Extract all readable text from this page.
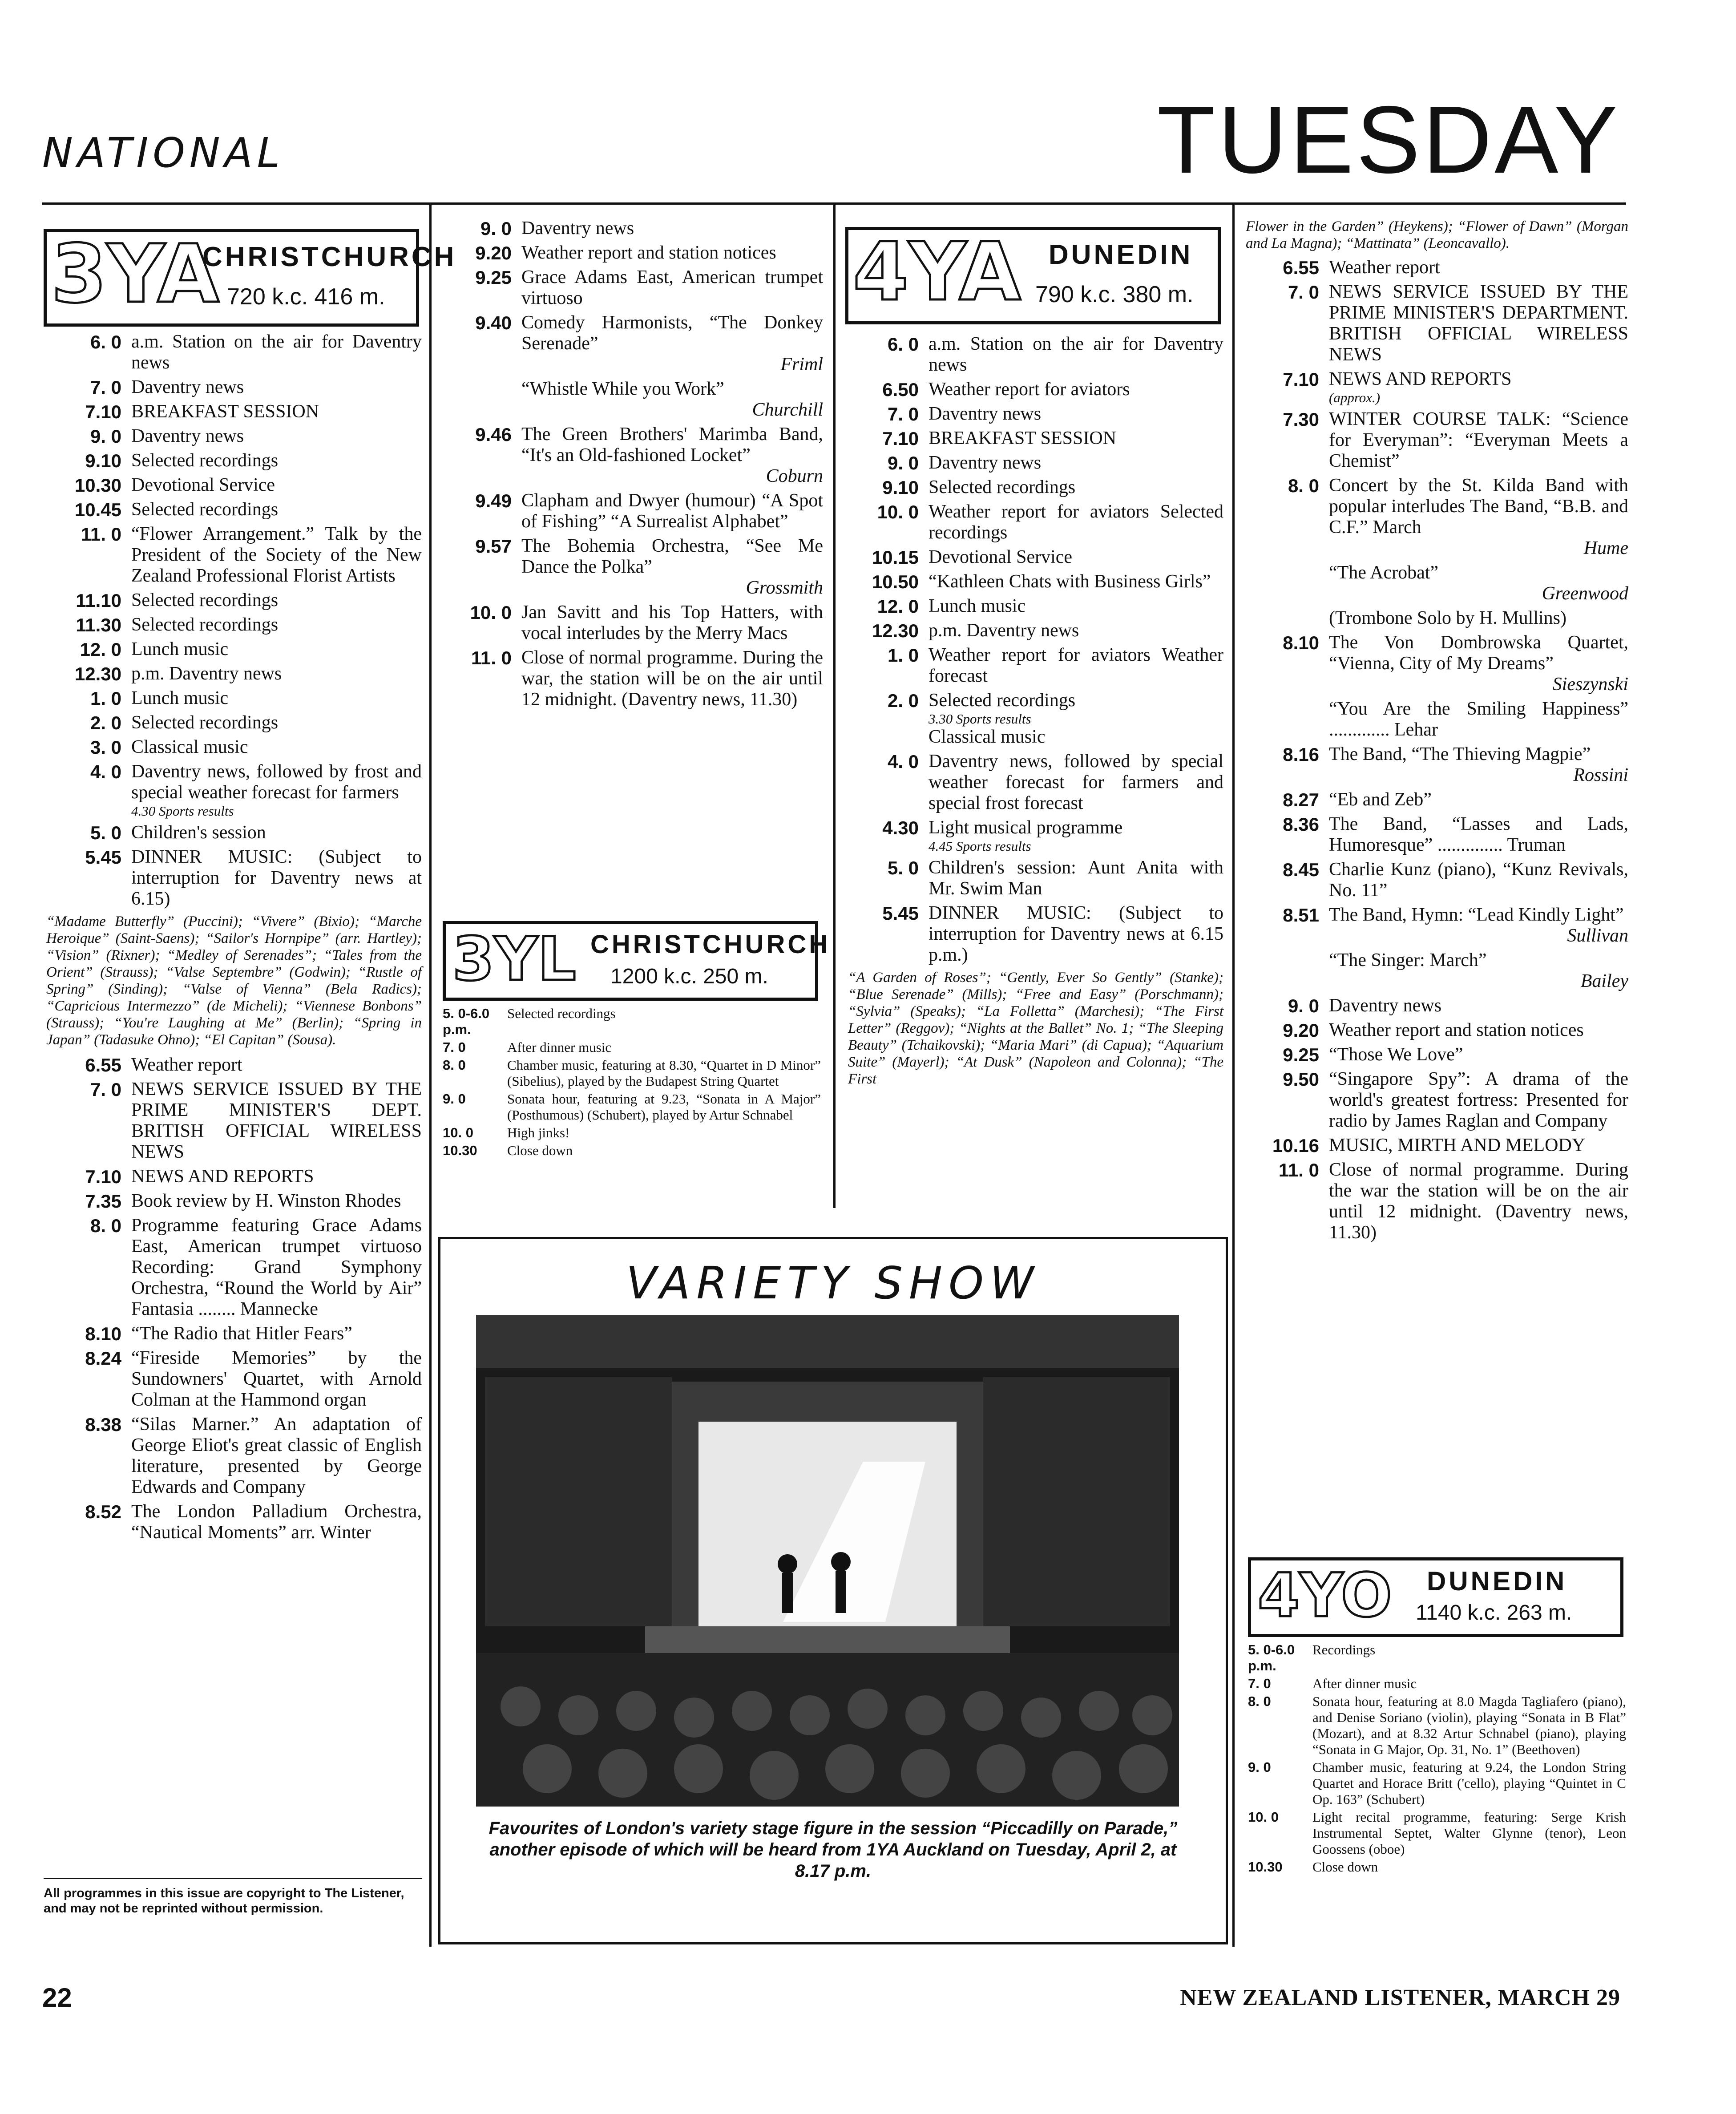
NATIONAL	TUESDAY
3YA
CHRISTCHURCH
720 k.c. 416 m.
6. 0 a.m. Station on the air for Daventry news
7. 0 Daventry news
7.10 BREAKFAST SESSION
9. 0 Daventry news
9.10 Selected recordings
10.30 Devotional Service
10.45 Selected recordings
11. 0 “Flower Arrangement.” Talk by the President of the Society of the New Zealand Professional Florist Artists
11.10 Selected recordings
11.30 Selected recordings
12. 0 Lunch music
12.30 p.m. Daventry news
1. 0 Lunch music
2. 0 Selected recordings
3. 0 Classical music
4. 0 Daventry news, followed by frost and special weather forecast for farmers
4.30 Sports results
5. 0 Children's session
5.45 DINNER MUSIC: (Subject to interruption for Daventry news at 6.15)
“Madame Butterfly” (Puccini); “Vivere” (Bixio); “Marche Heroique” (Saint-Saens); “Sailor's Hornpipe” (arr. Hartley); “Vision” (Rixner); “Medley of Serenades”; “Tales from the Orient” (Strauss); “Valse Septembre” (Godwin); “Rustle of Spring” (Sinding); “Valse of Vienna” (Bela Radics); “Capricious Intermezzo” (de Micheli); “Viennese Bonbons” (Strauss); “You're Laughing at Me” (Berlin); “Spring in Japan” (Tadasuke Ohno); “El Capitan” (Sousa).
6.55 Weather report
7. 0 NEWS SERVICE ISSUED BY THE PRIME MINISTER'S DEPT. BRITISH OFFICIAL WIRELESS NEWS
7.10 NEWS AND REPORTS
7.35 Book review by H. Winston Rhodes
8. 0 Programme featuring Grace Adams East, American trumpet virtuoso Recording: Grand Symphony Orchestra, “Round the World by Air” Fantasia ........ Mannecke
8.10 “The Radio that Hitler Fears”
8.24 “Fireside Memories” by the Sundowners' Quartet, with Arnold Colman at the Hammond organ
8.38 “Silas Marner.” An adaptation of George Eliot's great classic of English literature, presented by George Edwards and Company
8.52 The London Palladium Orchestra, “Nautical Moments” arr. Winter
All programmes in this issue are copyright to The Listener, and may not be reprinted without permission.
9. 0 Daventry news
9.20 Weather report and station notices
9.25 Grace Adams East, American trumpet virtuoso
9.40 Comedy Harmonists, “The Donkey Serenade”
Friml
“Whistle While you Work”
Churchill
9.46 The Green Brothers' Marimba Band, “It's an Old-fashioned Locket”
Coburn
9.49 Clapham and Dwyer (humour) “A Spot of Fishing” “A Surrealist Alphabet”
9.57 The Bohemia Orchestra, “See Me Dance the Polka”
Grossmith
10. 0 Jan Savitt and his Top Hatters, with vocal interludes by the Merry Macs
11. 0 Close of normal programme. During the war, the station will be on the air until 12 midnight. (Daventry news, 11.30)
3YL CHRISTCHURCH
1200 k.c. 250 m.
5. 0-6.0 p.m.
Selected recordings
7. 0	After dinner music
8. 0	Chamber music, featuring at 8.30, “Quartet in D Minor” (Sibelius), played by the Budapest String Quartet
9. 0	Sonata hour, featuring at 9.23, “Sonata in A Major” (Posthumous) (Schubert), played by Artur Schnabel
10. 0	High jinks!
10.30	Close down
4YA DUNEDIN
790 k.c. 380 m.
6. 0 a.m. Station on the air for Daventry news
6.50 Weather report for aviators
7. 0 Daventry news
7.10 BREAKFAST SESSION
9. 0 Daventry news
9.10 Selected recordings
10. 0 Weather report for aviators Selected recordings
10.15 Devotional Service
10.50 “Kathleen Chats with Business Girls”
12. 0 Lunch music
12.30 p.m. Daventry news
1. 0 Weather report for aviators Weather forecast
2. 0 Selected recordings
3.30 Sports results
Classical music
4. 0 Daventry news, followed by special weather forecast for farmers and special frost forecast
4.30 Light musical programme
4.45 Sports results
5. 0 Children's session: Aunt Anita with Mr. Swim Man
5.45 DINNER MUSIC: (Subject to interruption for Daventry news at 6.15 p.m.)
“A Garden of Roses”; “Gently, Ever So Gently” (Stanke); “Blue Serenade” (Mills); “Free and Easy” (Porschmann); “Sylvia” (Speaks); “La Folletta” (Marchesi); “The First Letter” (Reggov); “Nights at the Ballet” No. 1; “The Sleeping Beauty” (Tchaikovski); “Maria Mari” (di Capua); “Aquarium Suite” (Mayerl); “At Dusk” (Napoleon and Colonna); “The First
VARIETY SHOW
Favourites of London's variety stage figure in the session “Piccadilly on Parade,” another episode of which will be heard from 1YA Auckland on Tuesday, April 2, at 8.17 p.m.
Flower in the Garden” (Heykens); “Flower of Dawn” (Morgan and La Magna); “Mattinata” (Leoncavallo).
6.55 Weather report
7. 0 NEWS SERVICE ISSUED BY THE PRIME MINISTER'S DEPARTMENT. BRITISH OFFICIAL WIRELESS NEWS
7.10 NEWS AND REPORTS
(approx.)
7.30 WINTER COURSE TALK: “Science for Everyman”: “Everyman Meets a Chemist”
8. 0 Concert by the St. Kilda Band with popular interludes The Band, “B.B. and C.F.” March
Hume
“The Acrobat”
Greenwood
(Trombone Solo by H. Mullins)
8.10 The Von Dombrowska Quartet, “Vienna, City of My Dreams”
Sieszynski
“You Are the Smiling Happiness” ............. Lehar
8.16 The Band, “The Thieving Magpie”
Rossini
8.27 “Eb and Zeb”
8.36 The Band, “Lasses and Lads, Humoresque” .............. Truman
8.45 Charlie Kunz (piano), “Kunz Revivals, No. 11”
8.51 The Band, Hymn: “Lead Kindly Light”
Sullivan
“The Singer: March”
Bailey
9. 0 Daventry news
9.20 Weather report and station notices
9.25 “Those We Love”
9.50 “Singapore Spy”: A drama of the world's greatest fortress: Presented for radio by James Raglan and Company
10.16 MUSIC, MIRTH AND MELODY
11. 0 Close of normal programme. During the war the station will be on the air until 12 midnight. (Daventry news, 11.30)
4YO DUNEDIN
1140 k.c. 263 m.
5. 0-6.0 p.m.
Recordings
7. 0	After dinner music
8. 0	Sonata hour, featuring at 8.0 Magda Tagliafero (piano), and Denise Soriano (violin), playing “Sonata in B Flat” (Mozart), and at 8.32 Artur Schnabel (piano), playing “Sonata in G Major, Op. 31, No. 1” (Beethoven)
9. 0	Chamber music, featuring at 9.24, the London String Quartet and Horace Britt ('cello), playing “Quintet in C Op. 163” (Schubert)
10. 0	Light recital programme, featuring: Serge Krish Instrumental Septet, Walter Glynne (tenor), Leon Goossens (oboe)
10.30	Close down
22	NEW ZEALAND LISTENER, MARCH 29
